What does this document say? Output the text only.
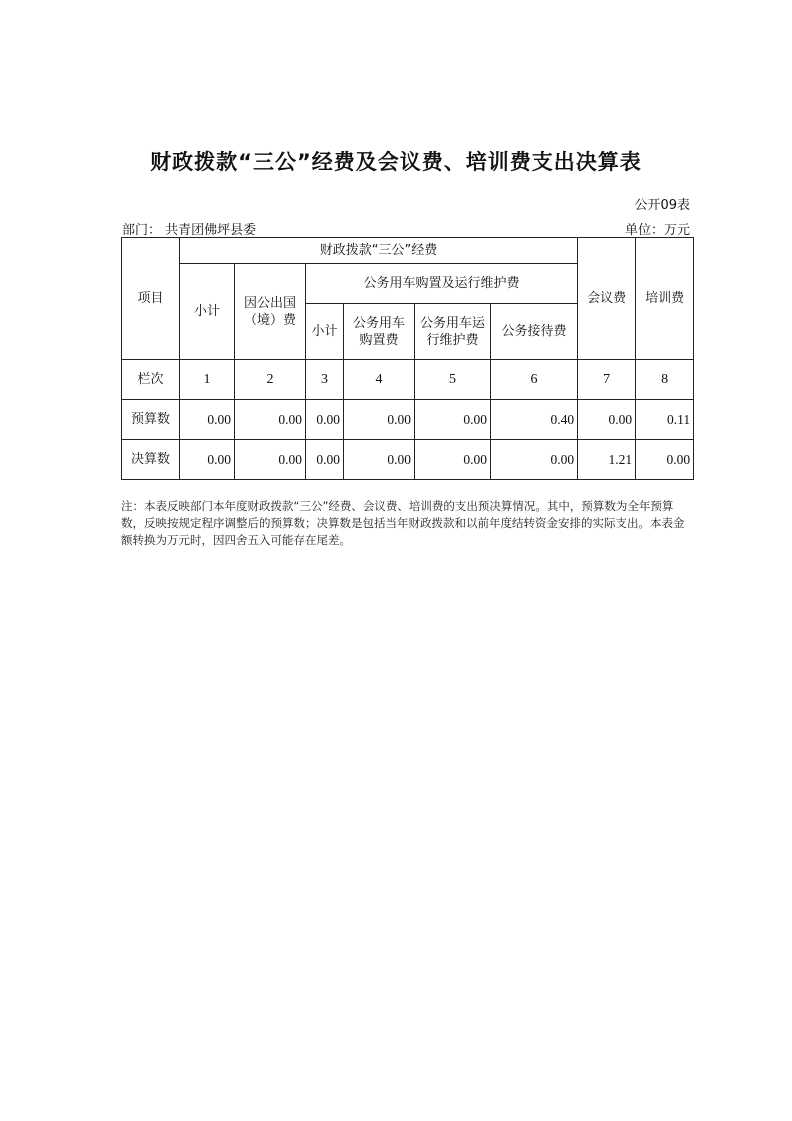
财政拨款“三公”经费及会议费、培训费支出决算表
公开09表
部门： 共青团佛坪县委	单位：万元
项目	财政拨款“三公”经费						会议费	培训费
	小计	因公出国（境）费	公务用车购置及运行维护费					
			小计	公务用车购置费	公务用车运行维护费	公务接待费		
栏次	1	2	3	4	5	6	7	8
预算数	0.00	0.00	0.00	0.00	0.00	0.40	0.00	0.11
决算数	0.00	0.00	0.00	0.00	0.00	0.00	1.21	0.00
注：本表反映部门本年度财政拨款“三公”经费、会议费、培训费的支出预决算情况。其中，预算数为全年预算数，反映按规定程序调整后的预算数；决算数是包括当年财政拨款和以前年度结转资金安排的实际支出。本表金额转换为万元时，因四舍五入可能存在尾差。
